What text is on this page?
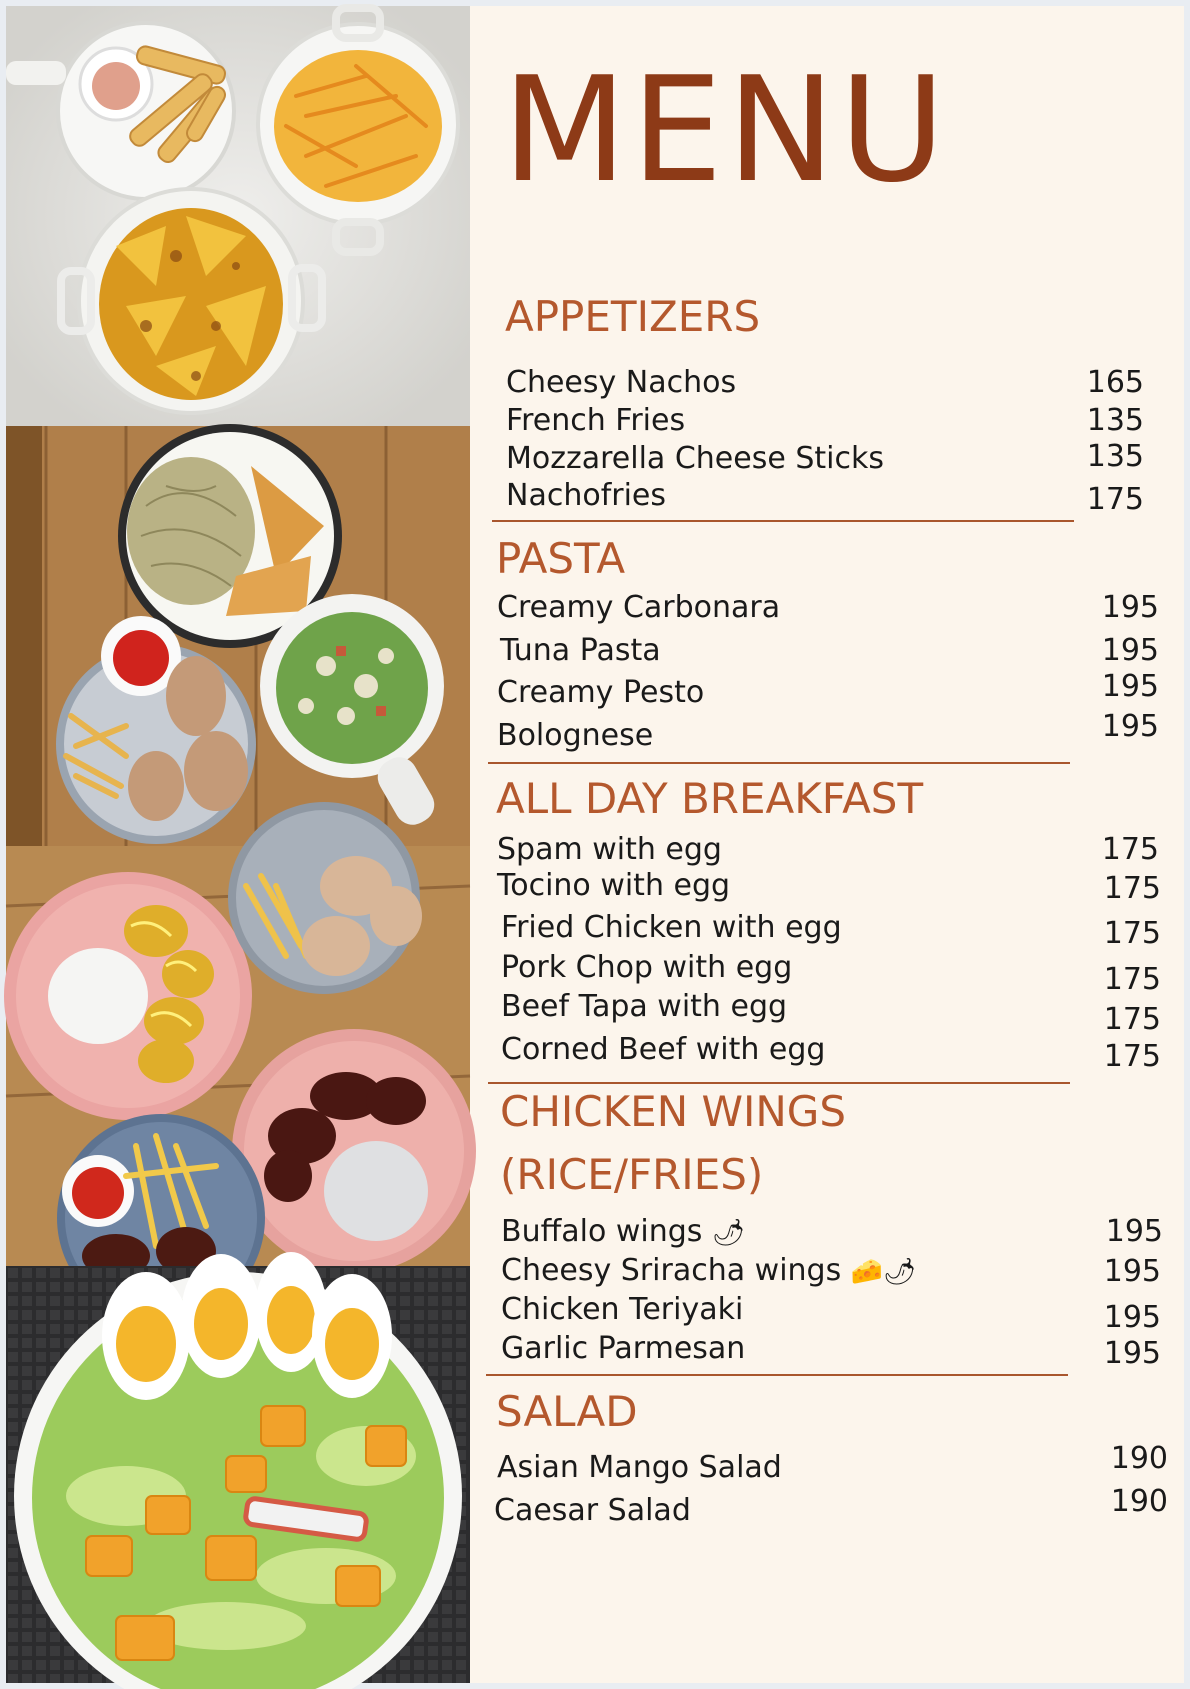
MENU
APPETIZERS
Cheesy Nachos	165
French Fries	135
Mozzarella Cheese Sticks	135
Nachofries	175
PASTA
Creamy Carbonara	195
Tuna Pasta	195
Creamy Pesto	195
Bolognese	195
ALL DAY BREAKFAST
Spam with egg	175
Tocino with egg	175
Fried Chicken with egg	175
Pork Chop with egg	175
Beef Tapa with egg	175
Corned Beef with egg	175
CHICKEN WINGS
(RICE/FRIES)
Buffalo wings 🌶	195
Cheesy Sriracha wings 🧀🌶	195
Chicken Teriyaki	195
Garlic Parmesan	195
SALAD
Asian Mango Salad	190
Caesar Salad	190
